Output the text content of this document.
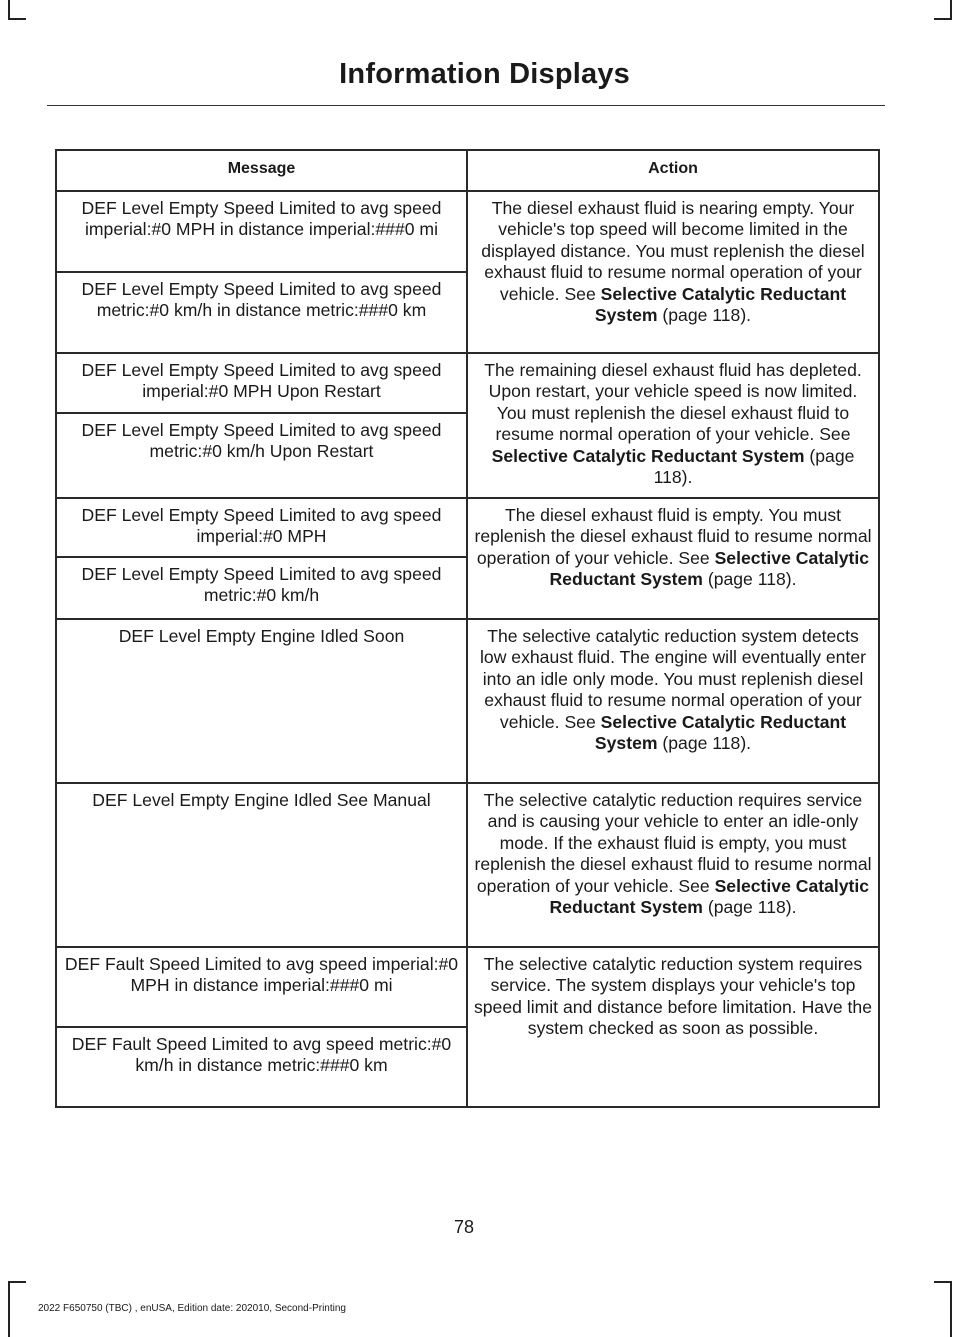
Information Displays
Message	Action
DEF Level Empty Speed Limited to avg speed imperial:#0 MPH in distance imperial:###0 mi	The diesel exhaust fluid is nearing empty. Your vehicle's top speed will become limited in the displayed distance. You must replenish the diesel exhaust fluid to resume normal operation of your vehicle. See Selective Catalytic Reductant System (page 118).
DEF Level Empty Speed Limited to avg speed metric:#0 km/h in distance metric:###0 km	
DEF Level Empty Speed Limited to avg speed imperial:#0 MPH Upon Restart	The remaining diesel exhaust fluid has depleted. Upon restart, your vehicle speed is now limited. You must replenish the diesel exhaust fluid to resume normal operation of your vehicle. See Selective Catalytic Reductant System (page 118).
DEF Level Empty Speed Limited to avg speed metric:#0 km/h Upon Restart	
DEF Level Empty Speed Limited to avg speed imperial:#0 MPH	The diesel exhaust fluid is empty. You must replenish the diesel exhaust fluid to resume normal operation of your vehicle. See Selective Catalytic Reductant System (page 118).
DEF Level Empty Speed Limited to avg speed metric:#0 km/h	
DEF Level Empty Engine Idled Soon	The selective catalytic reduction system detects low exhaust fluid. The engine will eventually enter into an idle only mode. You must replenish diesel exhaust fluid to resume normal operation of your vehicle. See Selective Catalytic Reductant System (page 118).
DEF Level Empty Engine Idled See Manual	The selective catalytic reduction requires service and is causing your vehicle to enter an idle-only mode. If the exhaust fluid is empty, you must replenish the diesel exhaust fluid to resume normal operation of your vehicle. See Selective Catalytic Reductant System (page 118).
DEF Fault Speed Limited to avg speed imperial:#0 MPH in distance imperial:###0 mi	The selective catalytic reduction system requires service. The system displays your vehicle's top speed limit and distance before limitation. Have the system checked as soon as possible.
DEF Fault Speed Limited to avg speed metric:#0 km/h in distance metric:###0 km	
78
2022 F650750 (TBC) , enUSA, Edition date: 202010, Second-Printing
